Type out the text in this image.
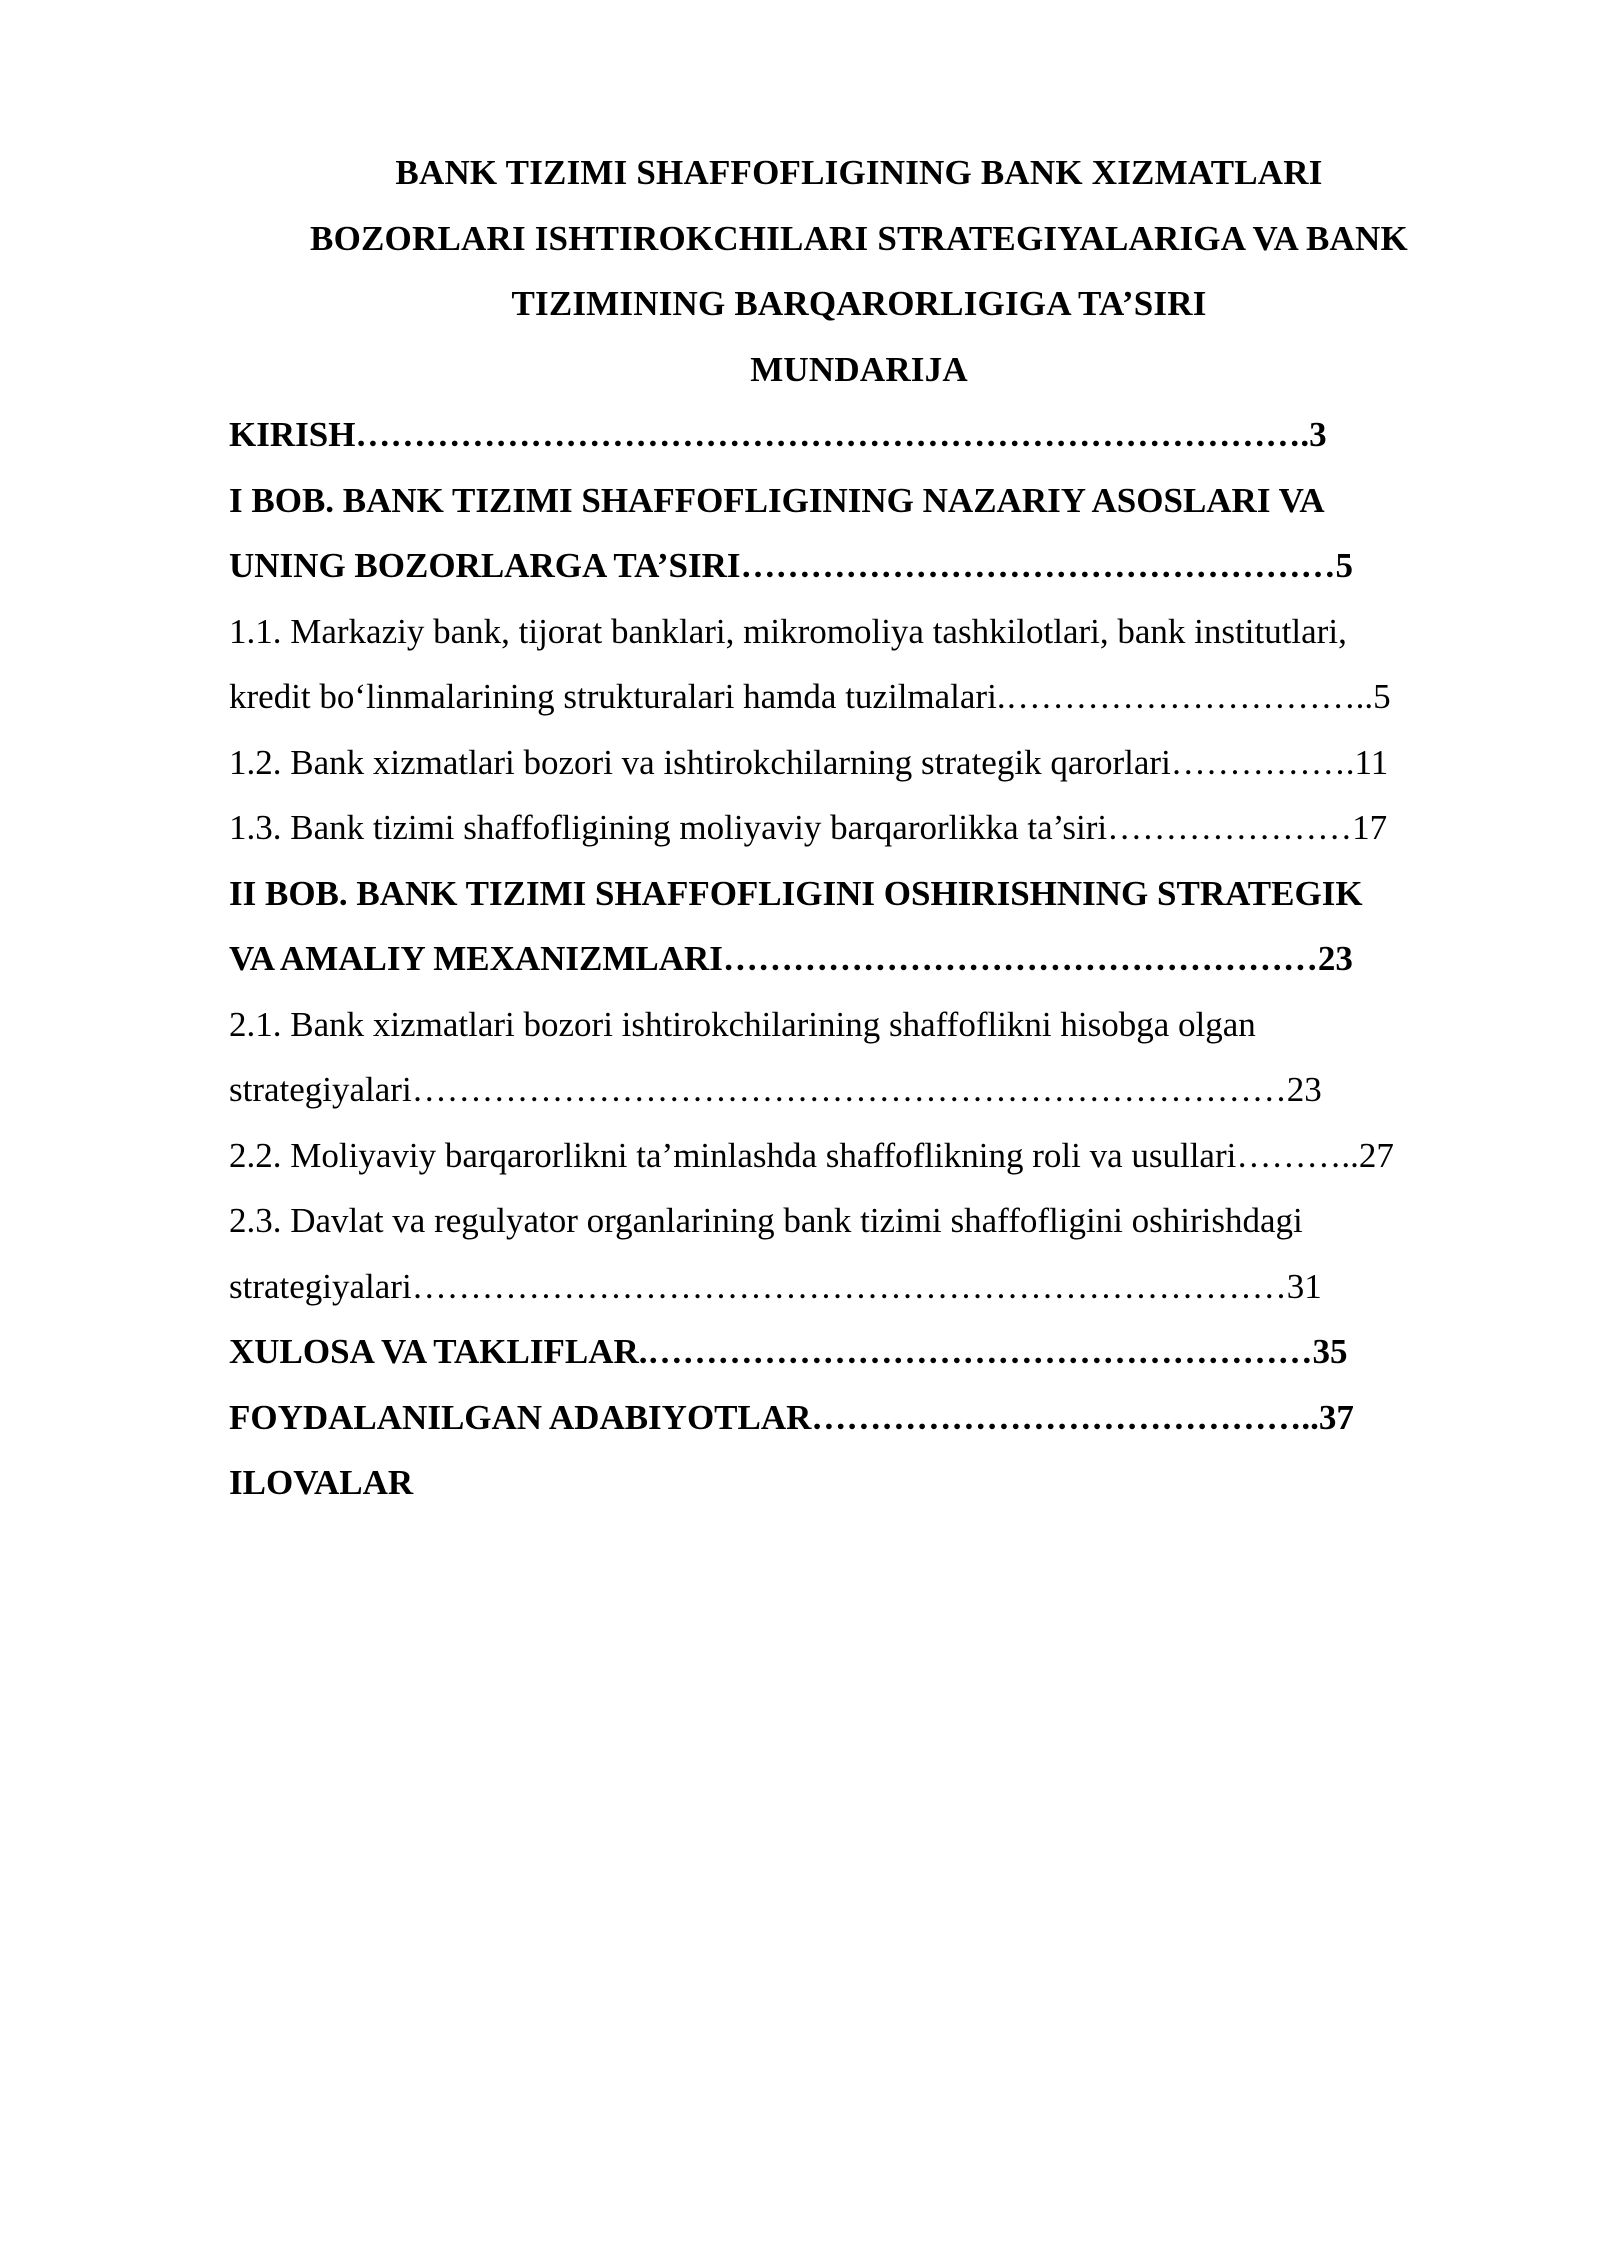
BANK TIZIMI SHAFFOFLIGINING BANK XIZMATLARI
BOZORLARI ISHTIROKCHILARI STRATEGIYALARIGA VA BANK
TIZIMINING BARQARORLIGIGA TA’SIRI
MUNDARIJA
KIRISH……………………………………………………………………….3
I BOB. BANK TIZIMI SHAFFOFLIGINING NAZARIY ASOSLARI VA
UNING BOZORLARGA TA’SIRI……………………………………………5
1.1. Markaziy bank, tijorat banklari, mikromoliya tashkilotlari, bank institutlari,
kredit bo‘linmalarining strukturalari hamda tuzilmalari.…………………………..5
1.2. Bank xizmatlari bozori va ishtirokchilarning strategik qarorlari…………….11
1.3. Bank tizimi shaffofligining moliyaviy barqarorlikka ta’siri…………………17
II BOB. BANK TIZIMI SHAFFOFLIGINI OSHIRISHNING STRATEGIK
VA AMALIY MEXANIZMLARI……………………………………………23
2.1. Bank xizmatlari bozori ishtirokchilarining shaffoflikni hisobga olgan
strategiyalari…………………………………………………………………23
2.2. Moliyaviy barqarorlikni ta’minlashda shaffoflikning roli va usullari………..27
2.3. Davlat va regulyator organlarining bank tizimi shaffofligini oshirishdagi
strategiyalari…………………………………………………………………31
XULOSA VA TAKLIFLAR.…………………………………………………35
FOYDALANILGAN ADABIYOTLAR……………………………………..37
ILOVALAR
